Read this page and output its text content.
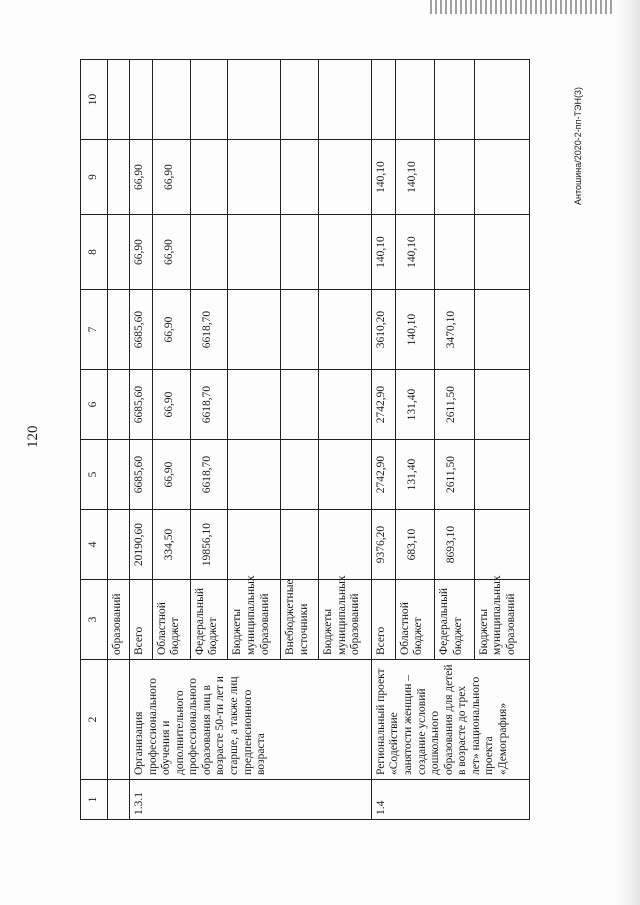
120
Антошина/2020-2-пп-ТЭН(3)
1	2	3	4	5	6	7	8	9	10
		образований							
1.3.1	Организация профессионального обучения и дополнительного профессионального образования лиц в возрасте 50-ти лет и старше, а также лиц предпенсионного возраста	Всего	20190,60	6685,60	6685,60	6685,60	66,90	66,90	
		Областной бюджет	334,50	66,90	66,90	66,90	66,90	66,90	
		Федеральный бюджет	19856,10	6618,70	6618,70	6618,70			
		Бюджеты муниципальных образований							
		Внебюджетные источники							
		Бюджеты муниципальных образований							
1.4	Региональный проект «Содействие занятости женщин – создание условий дошкольного образования для детей в возрасте до трех лет» национального проекта «Демография»	Всего	9376,20	2742,90	2742,90	3610,20	140,10	140,10	
		Областной бюджет	683,10	131,40	131,40	140,10	140,10	140,10	
		Федеральный бюджет	8693,10	2611,50	2611,50	3470,10			
		Бюджеты муниципальных образований							
